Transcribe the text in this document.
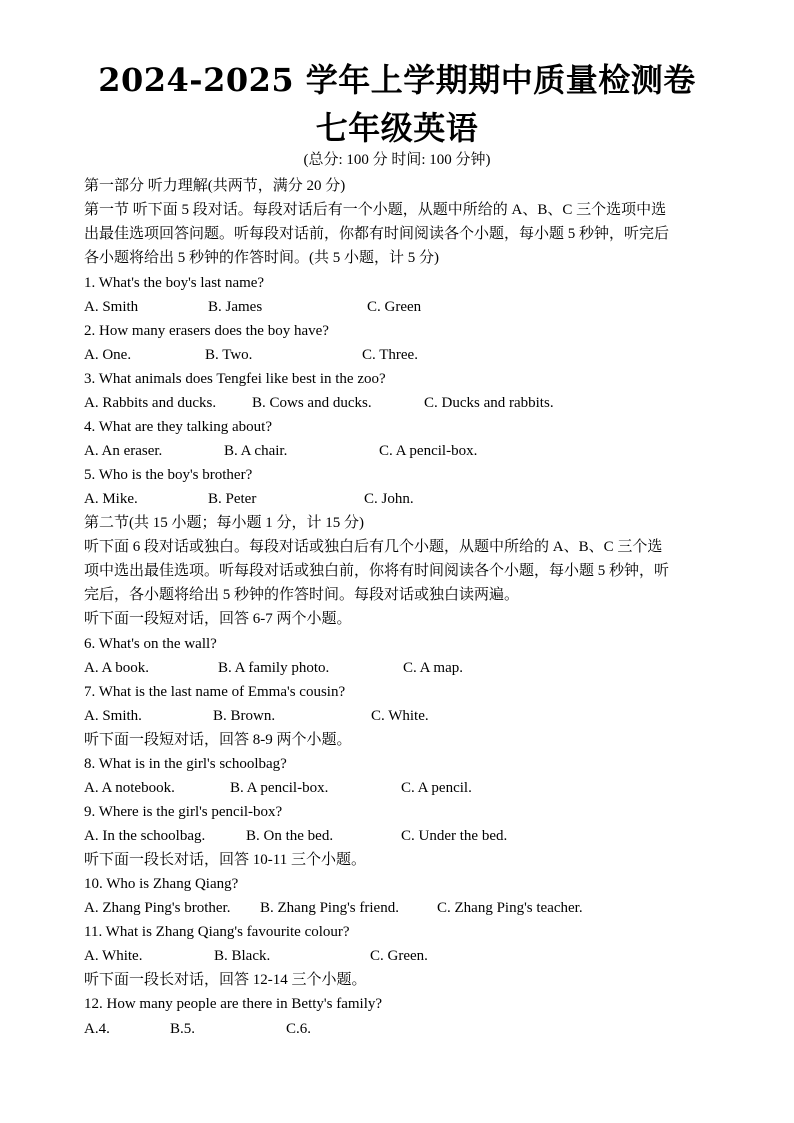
2024-2025 学年上学期期中质量检测卷
七年级英语
(总分: 100 分 时间: 100 分钟)
第一部分 听力理解(共两节，满分 20 分)
第一节 听下面 5 段对话。每段对话后有一个小题，从题中所给的 A、B、C 三个选项中选
出最佳选项回答问题。听每段对话前，你都有时间阅读各个小题，每小题 5 秒钟，听完后
各小题将给出 5 秒钟的作答时间。(共 5 小题，计 5 分)
1. What's the boy's last name?
A. Smith	B. James	C. Green
2. How many erasers does the boy have?
A. One.	B. Two.	C. Three.
3. What animals does Tengfei like best in the zoo?
A. Rabbits and ducks. B. Cows and ducks.	C. Ducks and rabbits.
4. What are they talking about?
A. An eraser.	B. A chair.	C. A pencil-box.
5. Who is the boy's brother?
A. Mike.	B. Peter	C. John.
第二节(共 15 小题；每小题 1 分，计 15 分)
听下面 6 段对话或独白。每段对话或独白后有几个小题，从题中所给的 A、B、C 三个选
项中选出最佳选项。听每段对话或独白前，你将有时间阅读各个小题，每小题 5 秒钟，听
完后，各小题将给出 5 秒钟的作答时间。每段对话或独白读两遍。
听下面一段短对话，回答 6-7 两个小题。
6. What's on the wall?
A. A book.	B. A family photo.	C. A map.
7. What is the last name of Emma's cousin?
A. Smith.	B. Brown.	C. White.
听下面一段短对话，回答 8-9 两个小题。
8. What is in the girl's schoolbag?
A. A notebook.	B. A pencil-box.	C. A pencil.
9. Where is the girl's pencil-box?
A. In the schoolbag.	B. On the bed.	C. Under the bed.
听下面一段长对话，回答 10-11 三个小题。
10. Who is Zhang Qiang?
A. Zhang Ping's brother. B. Zhang Ping's friend.	C. Zhang Ping's teacher.
11. What is Zhang Qiang's favourite colour?
A. White.	B. Black.	C. Green.
听下面一段长对话，回答 12-14 三个小题。
12. How many people are there in Betty's family?
A.4.	B.5.	C.6.
